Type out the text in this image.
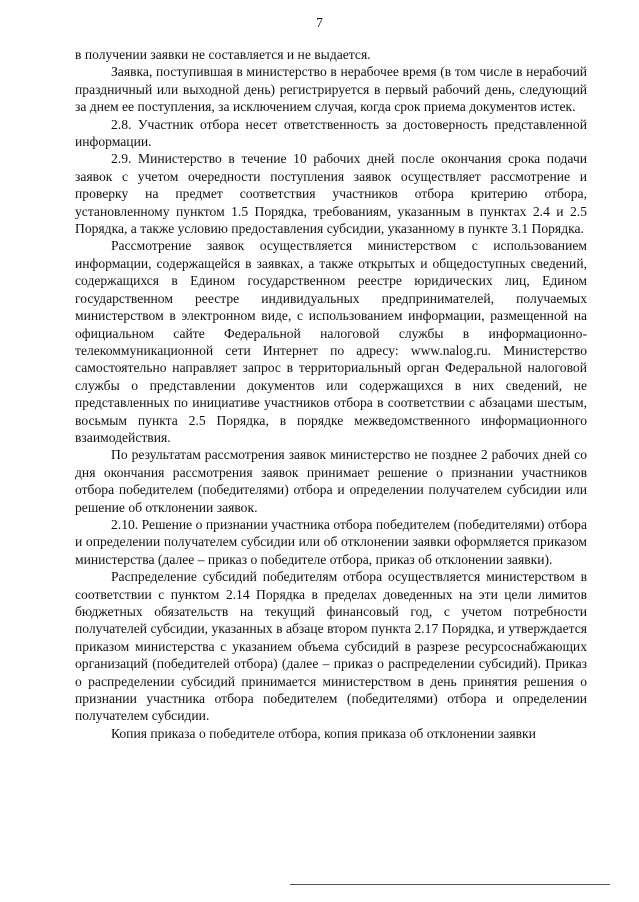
7

в получении заявки не составляется и не выдается.

Заявка, поступившая в министерство в нерабочее время (в том числе в нерабочий праздничный или выходной день) регистрируется в первый рабочий день, следующий за днем ее поступления, за исключением случая, когда срок приема документов истек.

2.8. Участник отбора несет ответственность за достоверность представленной информации.

2.9. Министерство в течение 10 рабочих дней после окончания срока подачи заявок с учетом очередности поступления заявок осуществляет рассмотрение и проверку на предмет соответствия участников отбора критерию отбора, установленному пунктом 1.5 Порядка, требованиям, указанным в пунктах 2.4 и 2.5 Порядка, а также условию предоставления субсидии, указанному в пункте 3.1 Порядка.

Рассмотрение заявок осуществляется министерством с использованием информации, содержащейся в заявках, а также открытых и общедоступных сведений, содержащихся в Едином государственном реестре юридических лиц, Едином государственном реестре индивидуальных предпринимателей, получаемых министерством в электронном виде, с использованием информации, размещенной на официальном сайте Федеральной налоговой службы в информационно-телекоммуникационной сети Интернет по адресу: www.nalog.ru. Министерство самостоятельно направляет запрос в территориальный орган Федеральной налоговой службы о представлении документов или содержащихся в них сведений, не представленных по инициативе участников отбора в соответствии с абзацами шестым, восьмым пункта 2.5 Порядка, в порядке межведомственного информационного взаимодействия.

По результатам рассмотрения заявок министерство не позднее 2 рабочих дней со дня окончания рассмотрения заявок принимает решение о признании участников отбора победителем (победителями) отбора и определении получателем субсидии или решение об отклонении заявок.

2.10. Решение о признании участника отбора победителем (победителями) отбора и определении получателем субсидии или об отклонении заявки оформляется приказом министерства (далее – приказ о победителе отбора, приказ об отклонении заявки).

Распределение субсидий победителям отбора осуществляется министерством в соответствии с пунктом 2.14 Порядка в пределах доведенных на эти цели лимитов бюджетных обязательств на текущий финансовый год, с учетом потребности получателей субсидии, указанных в абзаце втором пункта 2.17 Порядка, и утверждается приказом министерства с указанием объема субсидий в разрезе ресурсоснабжающих организаций (победителей отбора) (далее – приказ о распределении субсидий). Приказ о распределении субсидий принимается министерством в день принятия решения о признании участника отбора победителем (победителями) отбора и определении получателем субсидии.

Копия приказа о победителе отбора, копия приказа об отклонении заявки
